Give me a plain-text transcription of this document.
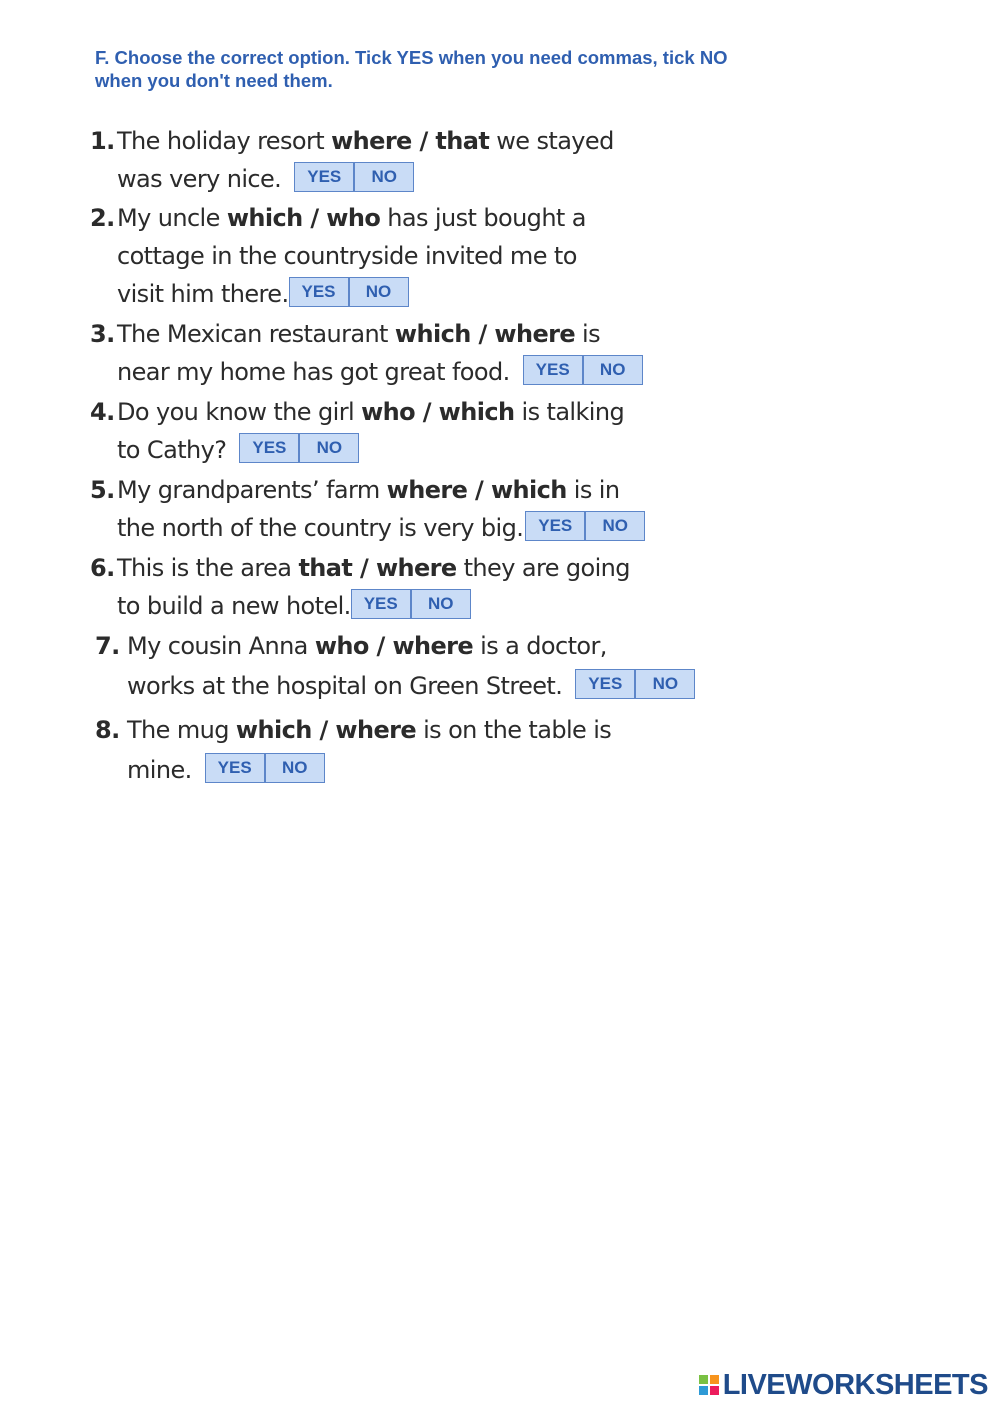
F. Choose the correct option. Tick YES when you need commas, tick NO
when you don't need them.
1.The holiday resort where / that we stayed
was very nice.	YES	NO
2.My uncle which / who has just bought a
cottage in the countryside invited me to
visit him there. YES	NO
3.The Mexican restaurant which / where is
near my home has got great food.	YES	NO
4.Do you know the girl who / which is talking
to Cathy?	YES	NO
5.My grandparents’ farm where / which is in
the north of the country is very big. YES	NO
6.This is the area that / where they are going
to build a new hotel. YES	NO
7. My cousin Anna who / where is a doctor,
works at the hospital on Green Street.	YES	NO
8. The mug which / where is on the table is
mine.	YES	NO
LIVEWORKSHEETS
